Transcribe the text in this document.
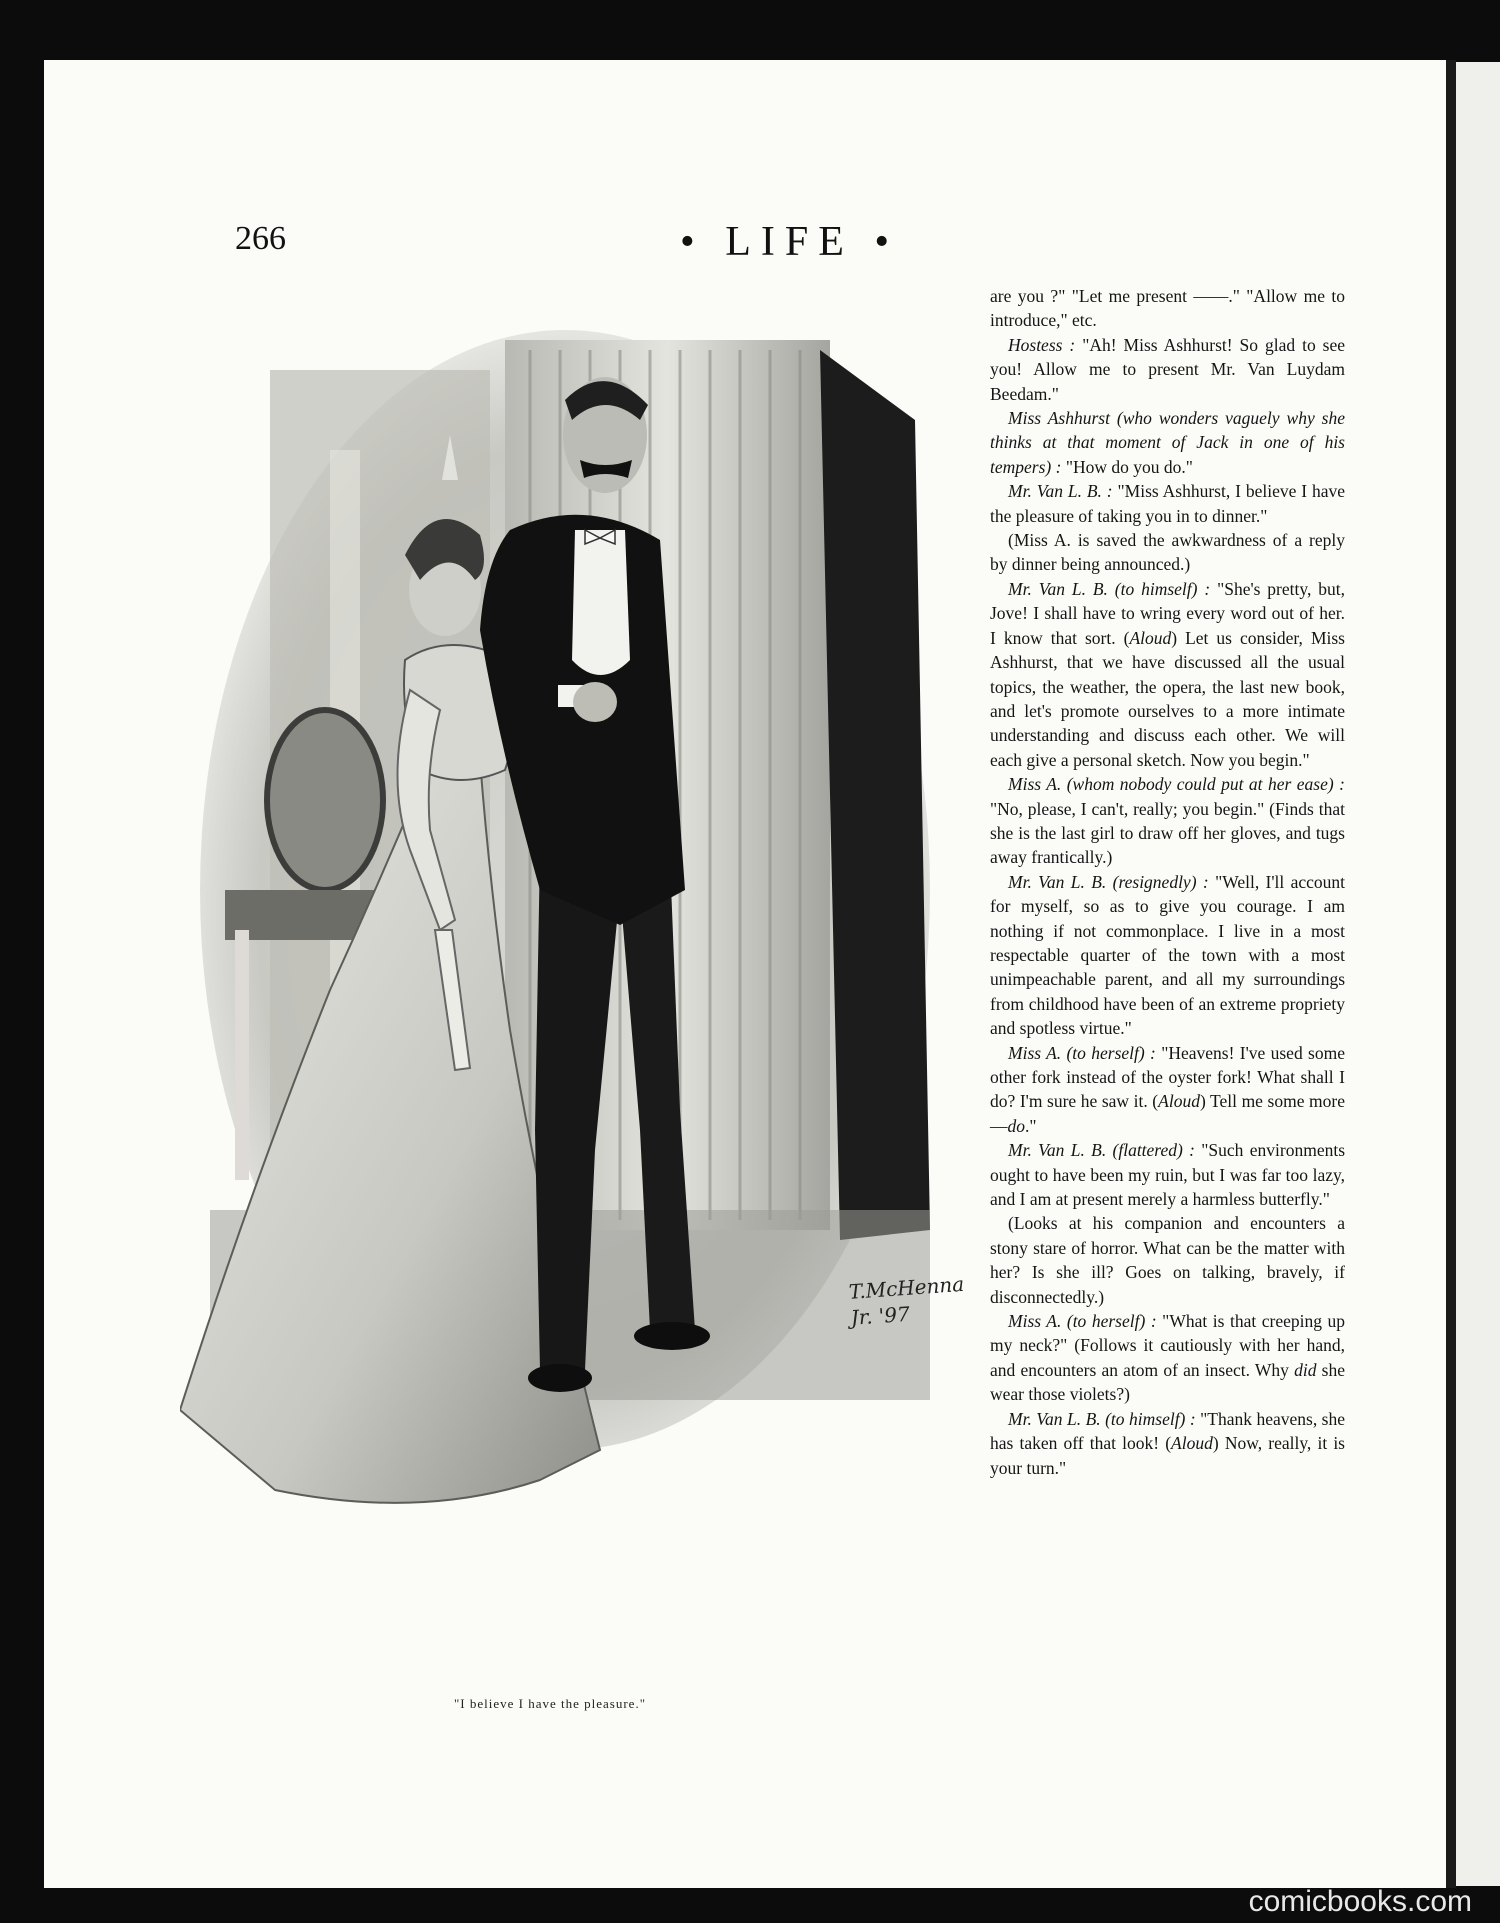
266	• LIFE •
T.McHenna Jr. '97
"I believe I have the pleasure."

are you ?" "Let me present ——." "Allow me to introduce," etc.

Hostess : "Ah! Miss Ashhurst! So glad to see you! Allow me to present Mr. Van Luydam Beedam."

Miss Ashhurst (who wonders vaguely why she thinks at that moment of Jack in one of his tempers) : "How do you do."

Mr. Van L. B. : "Miss Ashhurst, I believe I have the pleasure of taking you in to dinner."

(Miss A. is saved the awkwardness of a reply by dinner being announced.)

Mr. Van L. B. (to himself) : "She's pretty, but, Jove! I shall have to wring every word out of her. I know that sort. (Aloud) Let us consider, Miss Ashhurst, that we have discussed all the usual topics, the weather, the opera, the last new book, and let's promote ourselves to a more intimate understanding and discuss each other. We will each give a personal sketch. Now you begin."

Miss A. (whom nobody could put at her ease) : "No, please, I can't, really; you begin." (Finds that she is the last girl to draw off her gloves, and tugs away frantically.)

Mr. Van L. B. (resignedly) : "Well, I'll account for myself, so as to give you courage. I am nothing if not commonplace. I live in a most respectable quarter of the town with a most unimpeachable parent, and all my surroundings from childhood have been of an extreme propriety and spotless virtue."

Miss A. (to herself) : "Heavens! I've used some other fork instead of the oyster fork! What shall I do? I'm sure he saw it. (Aloud) Tell me some more—do."

Mr. Van L. B. (flattered) : "Such environments ought to have been my ruin, but I was far too lazy, and I am at present merely a harmless butterfly."

(Looks at his companion and encounters a stony stare of horror. What can be the matter with her? Is she ill? Goes on talking, bravely, if disconnectedly.)

Miss A. (to herself) : "What is that creeping up my neck?" (Follows it cautiously with her hand, and encounters an atom of an insect. Why did she wear those violets?)

Mr. Van L. B. (to himself) : "Thank heavens, she has taken off that look! (Aloud) Now, really, it is your turn."

comicbooks.com
